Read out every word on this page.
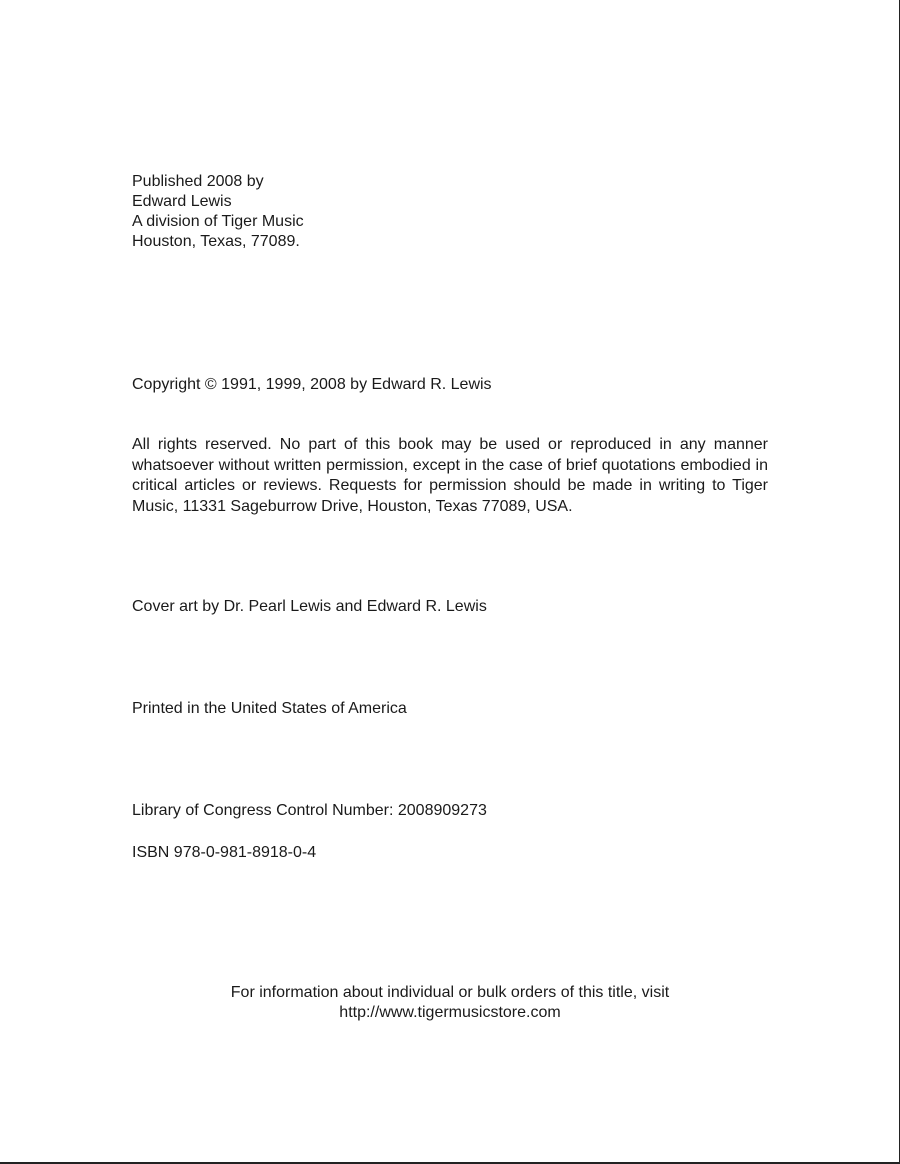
Published 2008 by
Edward Lewis
A division of Tiger Music
Houston, Texas, 77089.
Copyright © 1991, 1999, 2008 by Edward R. Lewis
All rights reserved. No part of this book may be used or reproduced in any manner whatsoever without written permission, except in the case of brief quotations embodied in critical articles or reviews. Requests for permission should be made in writing to Tiger Music, 11331 Sageburrow Drive, Houston, Texas 77089, USA.
Cover art by Dr. Pearl Lewis and Edward R. Lewis
Printed in the United States of America
Library of Congress Control Number: 2008909273
ISBN 978-0-981-8918-0-4
For information about individual or bulk orders of this title, visit
http://www.tigermusicstore.com
